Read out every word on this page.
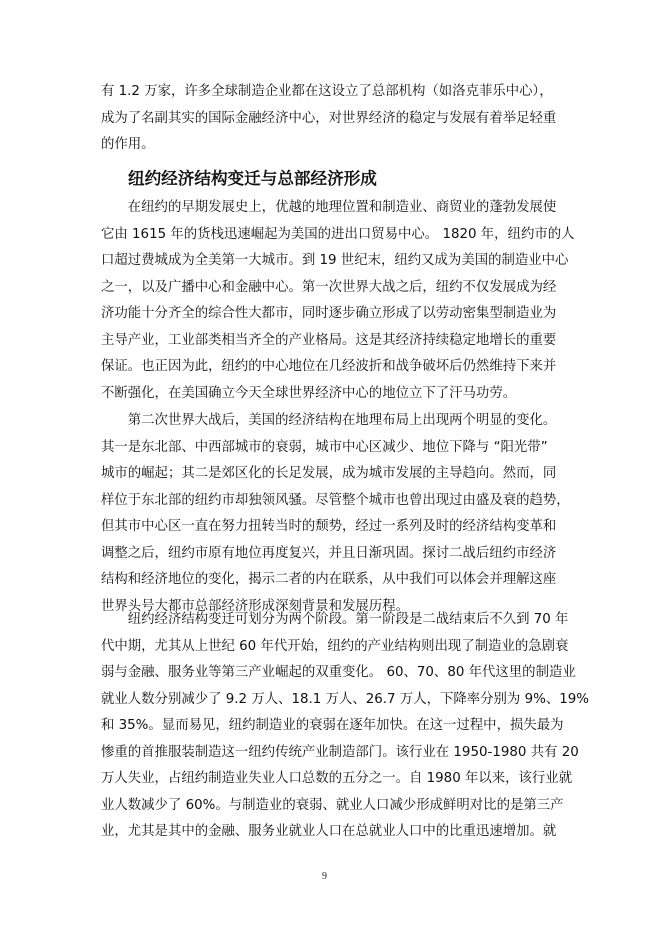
有 1.2 万家，许多全球制造企业都在这设立了总部机构（如洛克菲乐中心），

成为了名副其实的国际金融经济中心，对世界经济的稳定与发展有着举足轻重

的作用。

纽约经济结构变迁与总部经济形成

　　在纽约的早期发展史上，优越的地理位置和制造业、商贸业的蓬勃发展使

它由 1615 年的货栈迅速崛起为美国的进出口贸易中心。 1820 年，纽约市的人

口超过费城成为全美第一大城市。到 19 世纪末，纽约又成为美国的制造业中心

之一，以及广播中心和金融中心。第一次世界大战之后，纽约不仅发展成为经

济功能十分齐全的综合性大都市，同时逐步确立形成了以劳动密集型制造业为

主导产业，工业部类相当齐全的产业格局。这是其经济持续稳定地增长的重要

保证。也正因为此，纽约的中心地位在几经波折和战争破坏后仍然维持下来并

不断强化，在美国确立今天全球世界经济中心的地位立下了汗马功劳。

　　第二次世界大战后，美国的经济结构在地理布局上出现两个明显的变化。

其一是东北部、中西部城市的衰弱，城市中心区减少、地位下降与 “阳光带”

城市的崛起；其二是郊区化的长足发展，成为城市发展的主导趋向。然而，同

样位于东北部的纽约市却独领风骚。尽管整个城市也曾出现过由盛及衰的趋势，

但其市中心区一直在努力扭转当时的颓势，经过一系列及时的经济结构变革和

调整之后，纽约市原有地位再度复兴，并且日渐巩固。探讨二战后纽约市经济

结构和经济地位的变化，揭示二者的内在联系，从中我们可以体会并理解这座

世界头号大都市总部经济形成深刻背景和发展历程。

　　纽约经济结构变迁可划分为两个阶段。第一阶段是二战结束后不久到 70 年

代中期，尤其从上世纪 60 年代开始，纽约的产业结构则出现了制造业的急剧衰

弱与金融、服务业等第三产业崛起的双重变化。 60、70、80 年代这里的制造业

就业人数分别减少了 9.2 万人、18.1 万人、26.7 万人，下降率分别为 9%、19%

和 35%。显而易见，纽约制造业的衰弱在逐年加快。在这一过程中，损失最为

惨重的首推服装制造这一纽约传统产业制造部门。该行业在 1950-1980 共有 20

万人失业，占纽约制造业失业人口总数的五分之一。自 1980 年以来，该行业就

业人数减少了 60%。与制造业的衰弱、就业人口减少形成鲜明对比的是第三产

业，尤其是其中的金融、服务业就业人口在总就业人口中的比重迅速增加。就

9
